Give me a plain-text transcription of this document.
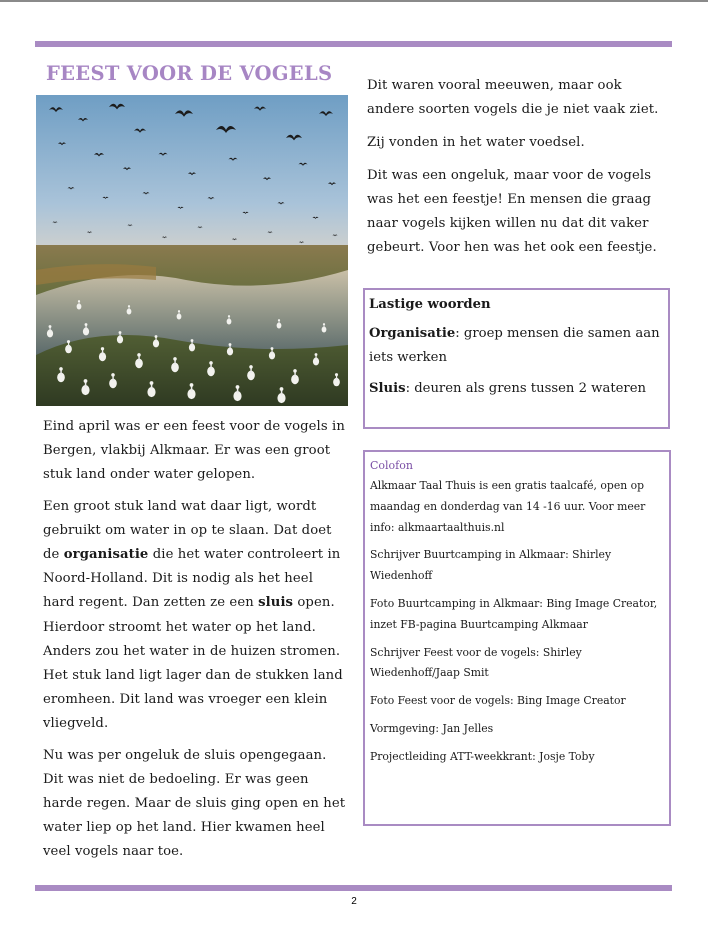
FEEST VOOR DE VOGELS

Eind april was er een feest voor de vogels in Bergen, vlakbij Alkmaar. Er was een groot stuk land onder water gelopen.

Een groot stuk land wat daar ligt, wordt gebruikt om water in op te slaan. Dat doet de organisatie die het water controleert in Noord-Holland. Dit is nodig als het heel hard regent. Dan zetten ze een sluis open. Hierdoor stroomt het water op het land. Anders zou het water in de huizen stromen. Het stuk land ligt lager dan de stukken land eromheen. Dit land was vroeger een klein vliegveld.

Nu was per ongeluk de sluis opengegaan. Dit was niet de bedoeling. Er was geen harde regen. Maar de sluis ging open en het water liep op het land. Hier kwamen heel veel vogels naar toe.

Dit waren vooral meeuwen, maar ook andere soorten vogels die je niet vaak ziet.

Zij vonden in het water voedsel.

Dit was een ongeluk, maar voor de vogels was het een feestje! En mensen die graag naar vogels kijken willen nu dat dit vaker gebeurt. Voor hen was het ook een feestje.

Lastige woorden

Organisatie: groep mensen die samen aan iets werken

Sluis: deuren als grens tussen 2 wateren

Colofon

Alkmaar Taal Thuis is een gratis taalcafé, open op maandag en donderdag van 14 -16 uur. Voor meer info: alkmaartaalthuis.nl

Schrijver Buurtcamping in Alkmaar: Shirley Wiedenhoff

Foto Buurtcamping in Alkmaar: Bing Image Creator, inzet FB-pagina Buurtcamping Alkmaar

Schrijver Feest voor de vogels: Shirley Wiedenhoff/Jaap Smit

Foto Feest voor de vogels: Bing Image Creator

Vormgeving: Jan Jelles

Projectleiding ATT-weekkrant: Josje Toby

2
